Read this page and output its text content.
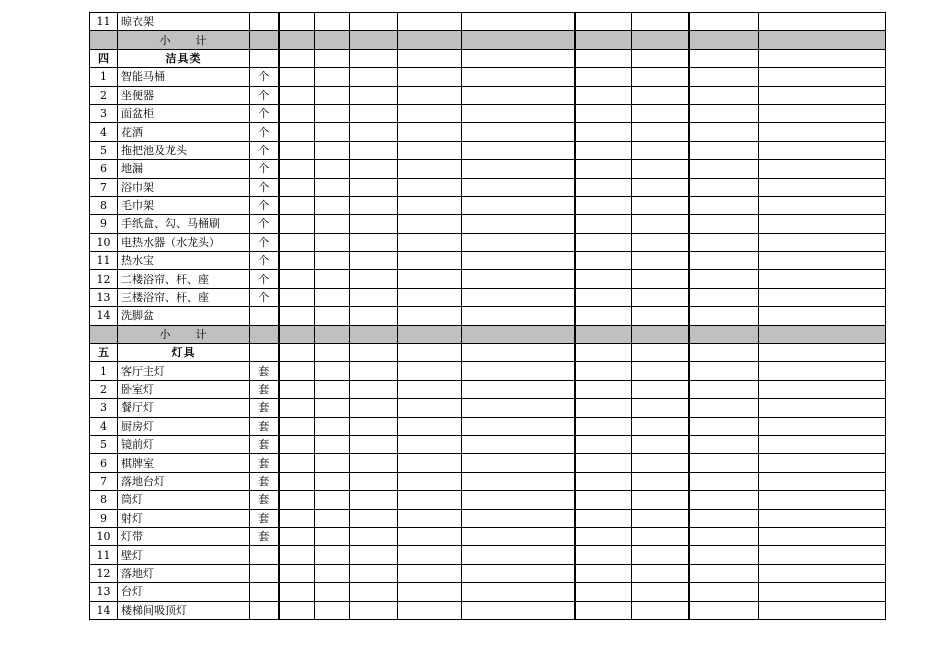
11	晾衣架										
	小　　计										
四	洁具类										
1	智能马桶	个									
2	坐便器	个									
3	面盆柜	个									
4	花洒	个									
5	拖把池及龙头	个									
6	地漏	个									
7	浴巾架	个									
8	毛巾架	个									
9	手纸盒、勾、马桶刷	个									
10	电热水器（水龙头）	个									
11	热水宝	个									
12	二楼浴帘、杆、座	个									
13	三楼浴帘、杆、座	个									
14	洗脚盆										
	小　　计										
五	灯具										
1	客厅主灯	套									
2	卧室灯	套									
3	餐厅灯	套									
4	厨房灯	套									
5	镜前灯	套									
6	棋牌室	套									
7	落地台灯	套									
8	筒灯	套									
9	射灯	套									
10	灯带	套									
11	壁灯										
12	落地灯										
13	台灯										
14	楼梯间吸顶灯										
